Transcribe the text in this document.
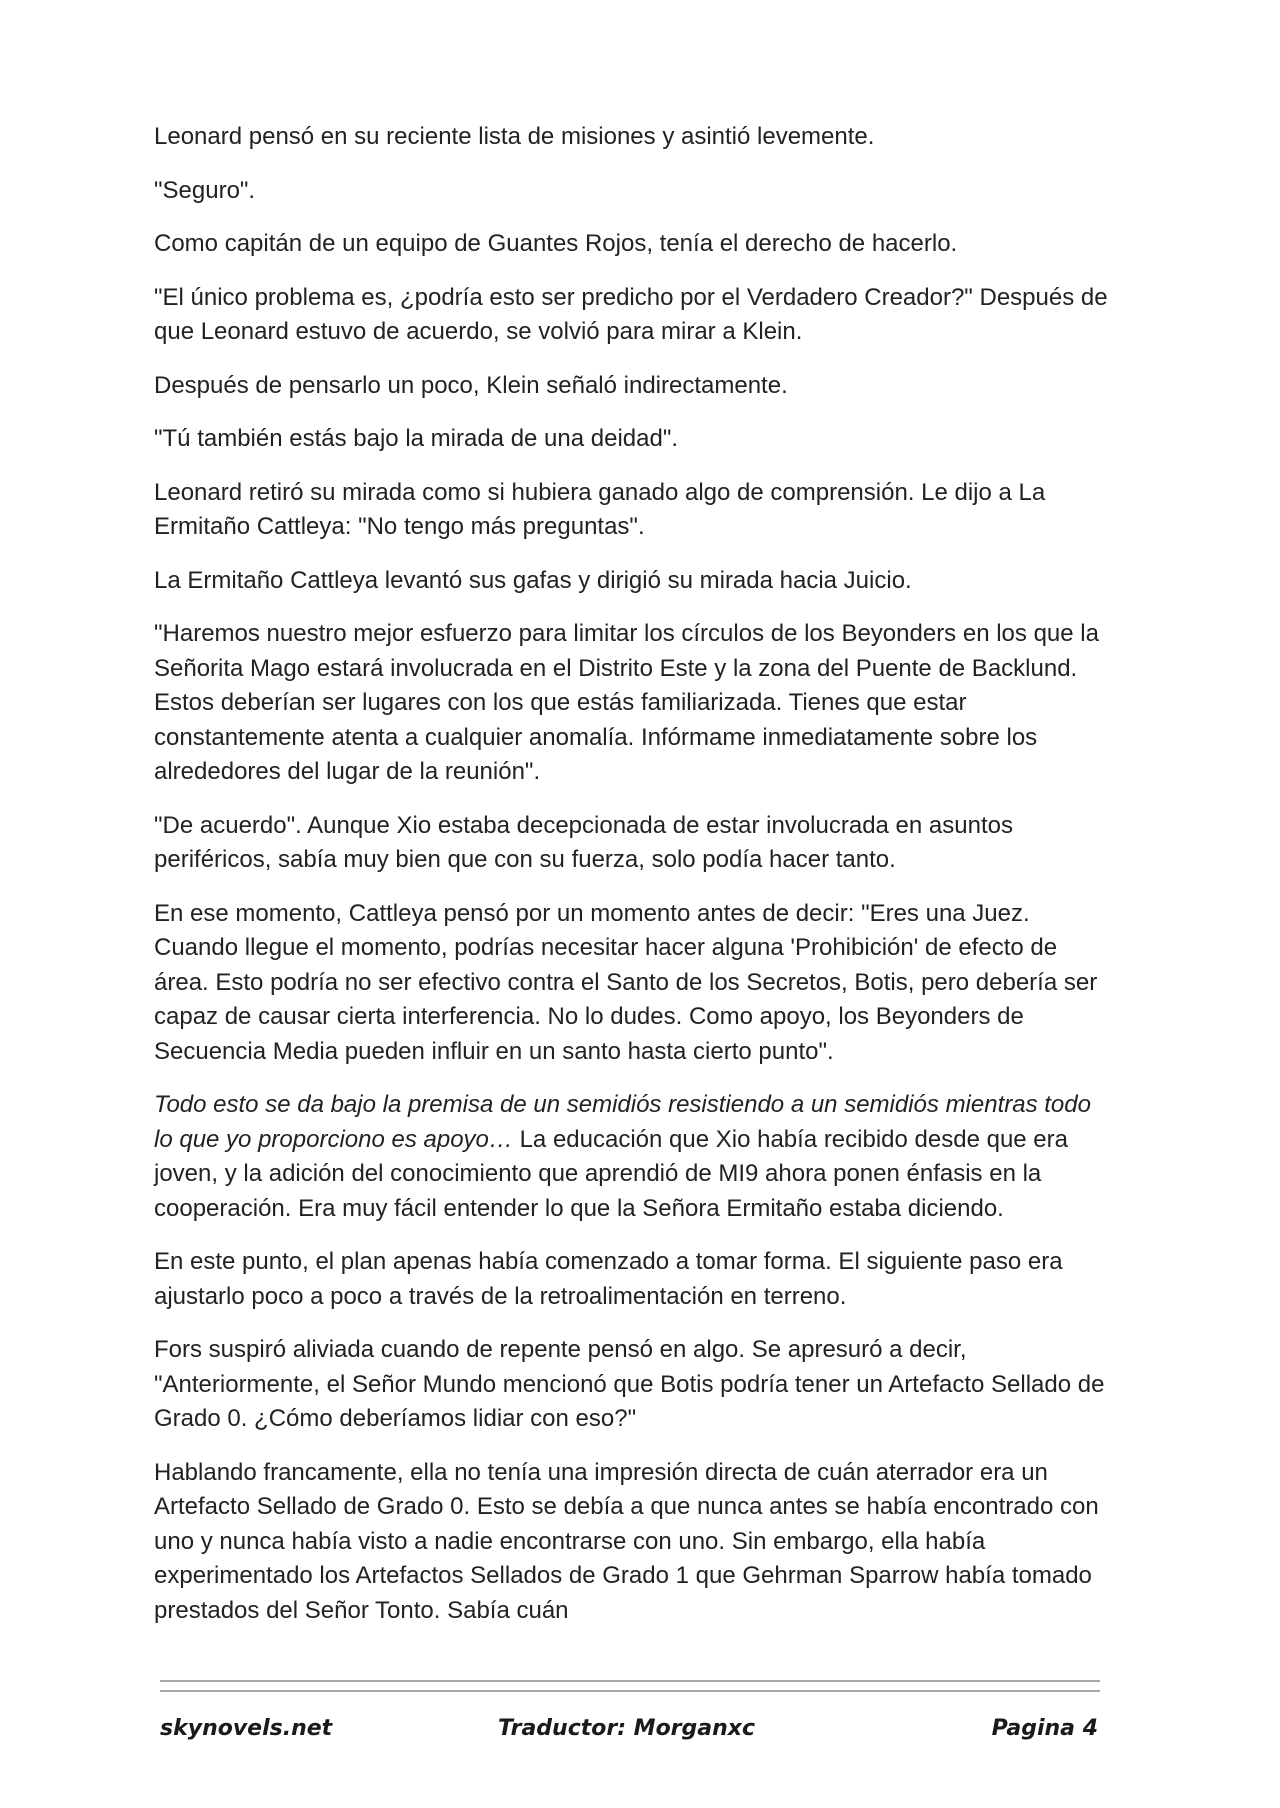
Leonard pensó en su reciente lista de misiones y asintió levemente.

"Seguro".

Como capitán de un equipo de Guantes Rojos, tenía el derecho de hacerlo.

"El único problema es, ¿podría esto ser predicho por el Verdadero Creador?" Después de que Leonard estuvo de acuerdo, se volvió para mirar a Klein.

Después de pensarlo un poco, Klein señaló indirectamente.

"Tú también estás bajo la mirada de una deidad".

Leonard retiró su mirada como si hubiera ganado algo de comprensión. Le dijo a La Ermitaño Cattleya: "No tengo más preguntas".

La Ermitaño Cattleya levantó sus gafas y dirigió su mirada hacia Juicio.

"Haremos nuestro mejor esfuerzo para limitar los círculos de los Beyonders en los que la Señorita Mago estará involucrada en el Distrito Este y la zona del Puente de Backlund. Estos deberían ser lugares con los que estás familiarizada. Tienes que estar constantemente atenta a cualquier anomalía. Infórmame inmediatamente sobre los alrededores del lugar de la reunión".

"De acuerdo". Aunque Xio estaba decepcionada de estar involucrada en asuntos periféricos, sabía muy bien que con su fuerza, solo podía hacer tanto.

En ese momento, Cattleya pensó por un momento antes de decir: "Eres una Juez. Cuando llegue el momento, podrías necesitar hacer alguna 'Prohibición' de efecto de área. Esto podría no ser efectivo contra el Santo de los Secretos, Botis, pero debería ser capaz de causar cierta interferencia. No lo dudes. Como apoyo, los Beyonders de Secuencia Media pueden influir en un santo hasta cierto punto".

Todo esto se da bajo la premisa de un semidiós resistiendo a un semidiós mientras todo lo que yo proporciono es apoyo… La educación que Xio había recibido desde que era joven, y la adición del conocimiento que aprendió de MI9 ahora ponen énfasis en la cooperación. Era muy fácil entender lo que la Señora Ermitaño estaba diciendo.

En este punto, el plan apenas había comenzado a tomar forma. El siguiente paso era ajustarlo poco a poco a través de la retroalimentación en terreno.

Fors suspiró aliviada cuando de repente pensó en algo. Se apresuró a decir, "Anteriormente, el Señor Mundo mencionó que Botis podría tener un Artefacto Sellado de Grado 0. ¿Cómo deberíamos lidiar con eso?"

Hablando francamente, ella no tenía una impresión directa de cuán aterrador era un Artefacto Sellado de Grado 0. Esto se debía a que nunca antes se había encontrado con uno y nunca había visto a nadie encontrarse con uno. Sin embargo, ella había experimentado los Artefactos Sellados de Grado 1 que Gehrman Sparrow había tomado prestados del Señor Tonto. Sabía cuán

skynovels.net	Traductor: Morganxc	Pagina 4
